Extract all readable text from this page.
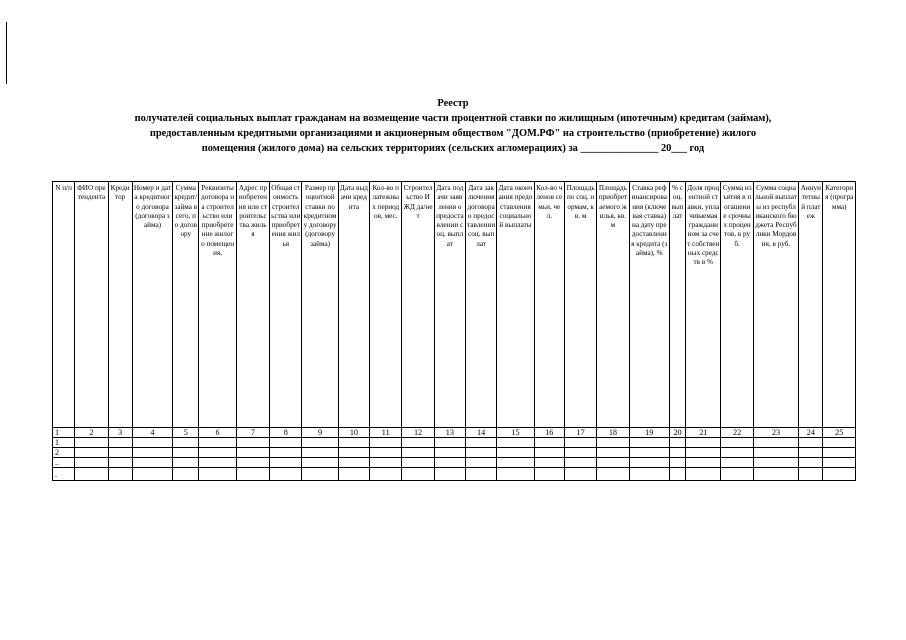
Реестр
получателей социальных выплат гражданам на возмещение части процентной ставки по жилищным (ипотечным) кредитам (займам),
предоставленным кредитными организациями и акционерным обществом "ДОМ.РФ" на строительство (приобретение) жилого
помещения (жилого дома) на сельских территориях (сельских агломерациях) за _______________ 20___ год
N п/п	ФИО претендента	Кредитор	Номер и дата кредитного договора (договора займа)	Сумма кредит/займа всего, по договору	Реквизиты договора на строительство или приобретение жилого помещения,	Адрес приобретения или строительства жилья	Общая стоимость строительства или приобретения жилья	Размер процентной ставки по кредитному договору (договору займа)	Дата выдачи кредита	Кол-во платежных периодов, мес.	Строительство ИЖД да/нет	Дата подачи заявления о предоставлении соц. выплат	Дата заключения договора о предоставлении соц. выплат	Дата окончания предоставления социальной выплаты	Кол-во членов семьи, чел.	Площадь по соц. нормам, кв. м	Площадь приобретаемого жилья, кв. м	Ставка рефинансирования (ключевая ставка) на дату предоставления кредита (займа), %	% соц. выплат	Доля процентной ставки, уплачиваемая гражданином за счет собственных средств в %	Сумма изъятия в погашение срочных процентов, в руб.	Сумма социальной выплаты из республиканского бюджета Республики Мордовия, в руб.	Аннуитетный платеж	Категория (программа)
1	2	3	4	5	6	7	8	9	10	11	12	13	14	15	16	17	18	19	20	21	22	23	24	25
1																								
2																								
..																								
.																								
